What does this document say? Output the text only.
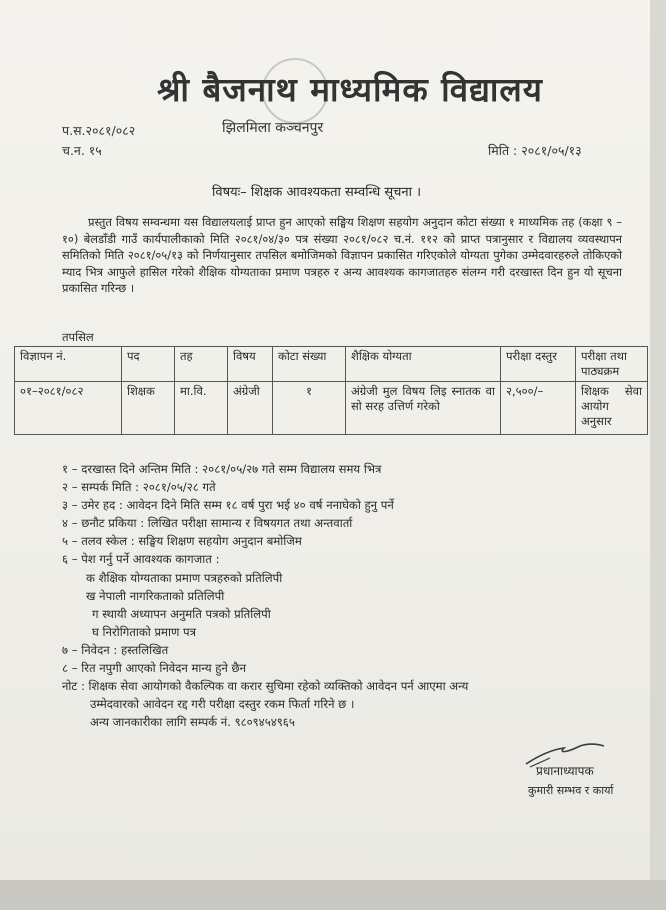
श्री बैजनाथ माध्यमिक विद्यालय
प.स.२०८१/०८२	झिलमिला कञ्चनपुर
च.न. १५	मिति : २०८१/०५/१३
विषयः– शिक्षक आवश्यकता सम्वन्धि सूचना ।
प्रस्तुत विषय सम्वन्धमा यस विद्यालयलाई प्राप्त हुन आएको सङ्घिय शिक्षण सहयोग अनुदान कोटा संख्या १ माध्यमिक तह (कक्षा ९ – १०) बेलडाँडी गाउँ कार्यपालीकाको मिति २०८१/०४/३० पत्र संख्या २०८१/०८२ च.नं. ११२ को प्राप्त पत्रानुसार र विद्यालय व्यवस्थापन समितिको मिति २०८१/०५/१३ को निर्णयानुसार तपसिल बमोजिमको विज्ञापन प्रकासित गरिएकोले योग्यता पुगेका उम्मेदवारहरुले तोकिएको म्याद भित्र आफुले हासिल गरेको शैक्षिक योग्यताका प्रमाण पत्रहरु र अन्य आवश्यक कागजातहरु संलग्न गरी दरखास्त दिन हुन यो सूचना प्रकासित गरिन्छ ।
तपसिल
विज्ञापन नं.	पद	तह	विषय	कोटा संख्या	शैक्षिक योग्यता	परीक्षा दस्तुर	परीक्षा तथा पाठ्यक्रम
०१–२०८१/०८२	शिक्षक	मा.वि.	अंग्रेजी	१	अंग्रेजी मुल विषय लिइ स्नातक वा सो सरह उत्तिर्ण गरेको	२,५००/–	शिक्षक सेवा आयोग अनुसार
१ – दरखास्त दिने अन्तिम मिति : २०८१/०५/२७ गते सम्म विद्यालय समय भित्र
२ – सम्पर्क मिति : २०८१/०५/२८ गते
३ – उमेर हद : आवेदन दिने मिति सम्म १८ वर्ष पुरा भई ४० वर्ष ननाघेको हुनु पर्ने
४ – छनौट प्रकिया : लिखित परीक्षा सामान्य र विषयगत तथा अन्तवार्ता
५ – तलव स्केल : सङ्घिय शिक्षण सहयोग अनुदान बमोजिम
६ – पेश गर्नु पर्ने आवश्यक कागजात :
क शैक्षिक योग्यताका प्रमाण पत्रहरुको प्रतिलिपी
ख नेपाली नागरिकताको प्रतिलिपी
ग स्थायी अध्यापन अनुमति पत्रको प्रतिलिपी
घ निरोगिताको प्रमाण पत्र
७ – निवेदन : हस्तलिखित
८ – रित नपुगी आएको निवेदन मान्य हुने छैन
नोट : शिक्षक सेवा आयोगको वैकल्पिक वा करार सुचिमा रहेको व्यक्तिको आवेदन पर्न आएमा अन्य
उम्मेदवारको आवेदन रद्द गरी परीक्षा दस्तुर रकम फिर्ता गरिने छ ।
अन्य जानकारीका लागि सम्पर्क नं. ९८०९४५४९६५
प्रधानाध्यापक
कुमारी सम्भव र कार्या
